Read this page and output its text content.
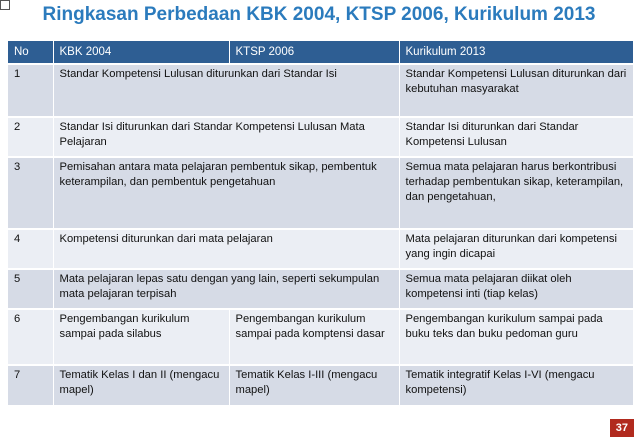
Ringkasan Perbedaan KBK 2004, KTSP 2006, Kurikulum 2013
No	KBK 2004	KTSP 2006	Kurikulum 2013
1	Standar Kompetensi Lulusan diturunkan dari Standar Isi		Standar Kompetensi Lulusan diturunkan dari kebutuhan masyarakat
2	Standar Isi diturunkan dari Standar Kompetensi Lulusan Mata Pelajaran		Standar Isi diturunkan dari Standar Kompetensi Lulusan
3	Pemisahan antara mata pelajaran pembentuk sikap, pembentuk keterampilan, dan pembentuk pengetahuan		Semua mata pelajaran harus berkontribusi terhadap pembentukan sikap, keterampilan, dan pengetahuan,
4	Kompetensi diturunkan dari mata pelajaran		Mata pelajaran diturunkan dari kompetensi yang ingin dicapai
5	Mata pelajaran lepas satu dengan yang lain, seperti sekumpulan mata pelajaran terpisah		Semua mata pelajaran diikat oleh kompetensi inti (tiap kelas)
6	Pengembangan kurikulum sampai pada silabus	Pengembangan kurikulum sampai pada komptensi dasar	Pengembangan kurikulum sampai pada buku teks dan buku pedoman guru
7	Tematik Kelas I dan II (mengacu mapel)	Tematik Kelas I-III (mengacu mapel)	Tematik integratif Kelas I-VI (mengacu kompetensi)
37
